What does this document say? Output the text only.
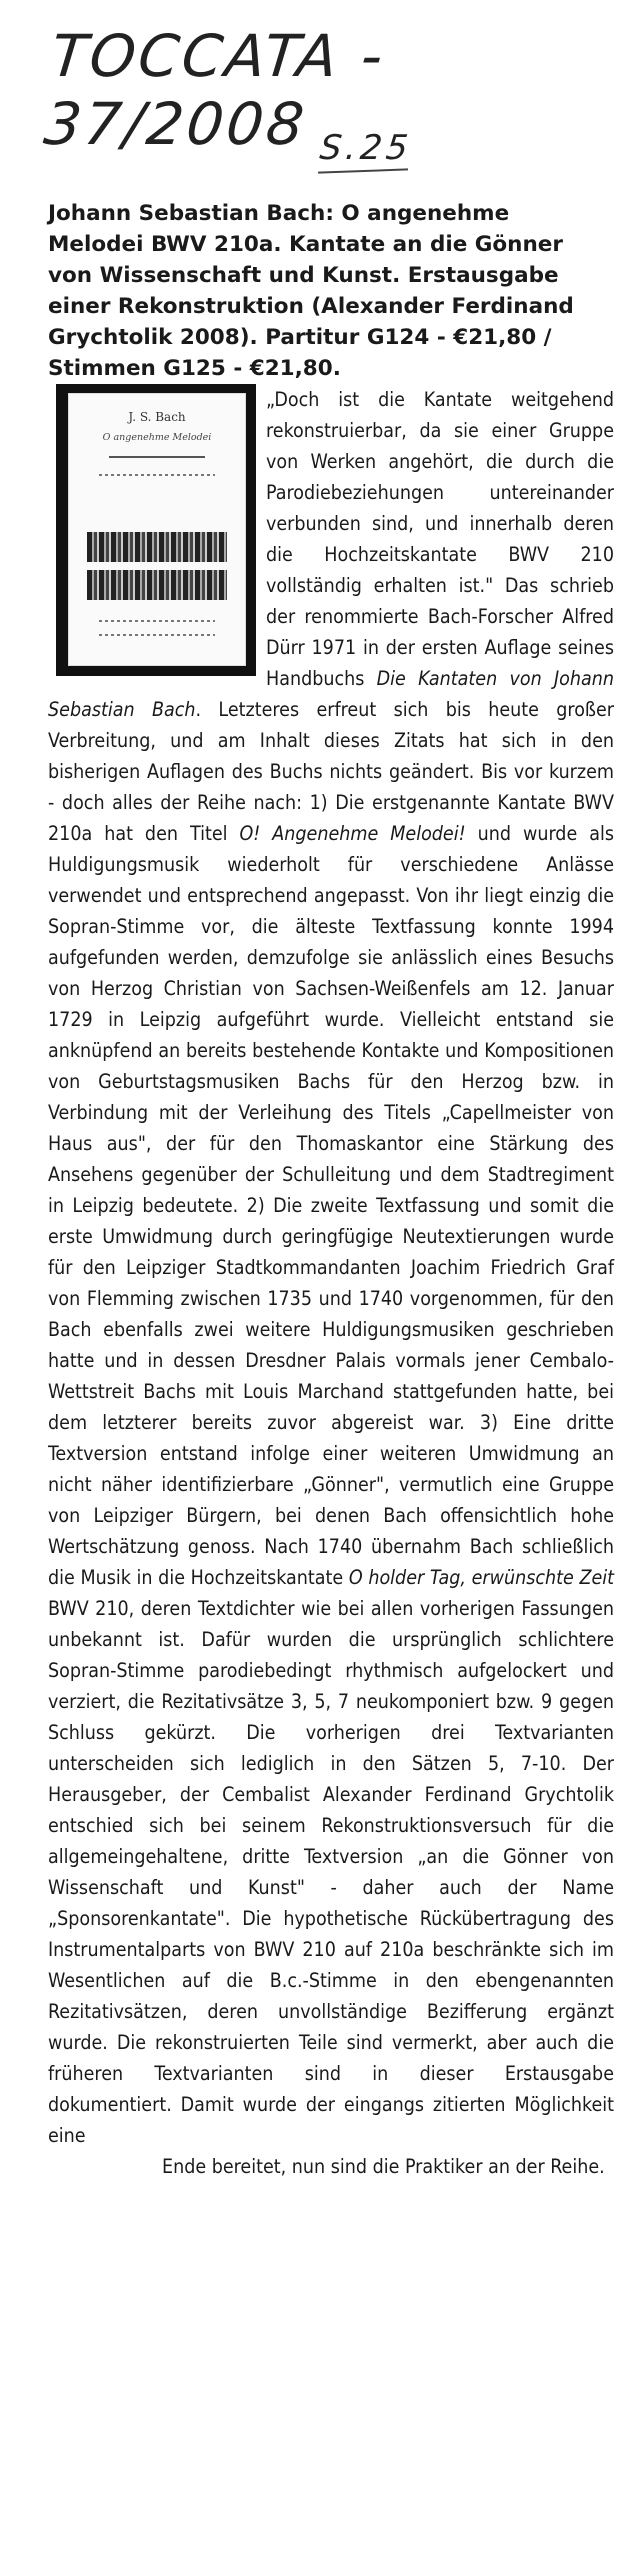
TOCCATA - 37/2008 S.25

Johann Sebastian Bach: O angenehme Melodei BWV 210a. Kantate an die Gönner von Wissenschaft und Kunst. Erstausgabe einer Rekonstruktion (Alexander Ferdinand Grychtolik 2008). Partitur G124 - €21,80 / Stimmen G125 - €21,80.

J. S. Bach
O angenehme Melodei

„Doch ist die Kantate weitgehend rekonstruierbar, da sie einer Gruppe von Werken angehört, die durch die Parodiebeziehungen untereinander verbunden sind, und innerhalb deren die Hochzeitskantate BWV 210 vollständig erhalten ist." Das schrieb der renommierte Bach-Forscher Alfred Dürr 1971 in der ersten Auflage seines Handbuchs Die Kantaten von Johann Sebastian Bach. Letzteres erfreut sich bis heute großer Verbreitung, und am Inhalt dieses Zitats hat sich in den bisherigen Auflagen des Buchs nichts geändert. Bis vor kurzem - doch alles der Reihe nach: 1) Die erstgenannte Kantate BWV 210a hat den Titel O! Angenehme Melodei! und wurde als Huldigungsmusik wiederholt für verschiedene Anlässe verwendet und entsprechend angepasst. Von ihr liegt einzig die Sopran-Stimme vor, die älteste Textfassung konnte 1994 aufgefunden werden, demzufolge sie anlässlich eines Besuchs von Herzog Christian von Sachsen-Weißenfels am 12. Januar 1729 in Leipzig aufgeführt wurde. Vielleicht entstand sie anknüpfend an bereits bestehende Kontakte und Kompositionen von Geburtstagsmusiken Bachs für den Herzog bzw. in Verbindung mit der Verleihung des Titels „Capellmeister von Haus aus", der für den Thomaskantor eine Stärkung des Ansehens gegenüber der Schulleitung und dem Stadtregiment in Leipzig bedeutete. 2) Die zweite Textfassung und somit die erste Umwidmung durch geringfügige Neutextierungen wurde für den Leipziger Stadtkommandanten Joachim Friedrich Graf von Flemming zwischen 1735 und 1740 vorgenommen, für den Bach ebenfalls zwei weitere Huldigungsmusiken geschrieben hatte und in dessen Dresdner Palais vormals jener Cembalo-Wettstreit Bachs mit Louis Marchand stattgefunden hatte, bei dem letzterer bereits zuvor abgereist war. 3) Eine dritte Textversion entstand infolge einer weiteren Umwidmung an nicht näher identifizierbare „Gönner", vermutlich eine Gruppe von Leipziger Bürgern, bei denen Bach offensichtlich hohe Wertschätzung genoss. Nach 1740 übernahm Bach schließlich die Musik in die Hochzeitskantate O holder Tag, erwünschte Zeit BWV 210, deren Textdichter wie bei allen vorherigen Fassungen unbekannt ist. Dafür wurden die ursprünglich schlichtere Sopran-Stimme parodiebedingt rhythmisch aufgelockert und verziert, die Rezitativsätze 3, 5, 7 neukomponiert bzw. 9 gegen Schluss gekürzt. Die vorherigen drei Textvarianten unterscheiden sich lediglich in den Sätzen 5, 7-10. Der Herausgeber, der Cembalist Alexander Ferdinand Grychtolik entschied sich bei seinem Rekonstruktionsversuch für die allgemeingehaltene, dritte Textversion „an die Gönner von Wissenschaft und Kunst" - daher auch der Name „Sponsorenkantate". Die hypothetische Rückübertragung des Instrumentalparts von BWV 210 auf 210a beschränkte sich im Wesentlichen auf die B.c.-Stimme in den ebengenannten Rezitativsätzen, deren unvollständige Bezifferung ergänzt wurde. Die rekonstruierten Teile sind vermerkt, aber auch die früheren Textvarianten sind in dieser Erstausgabe dokumentiert. Damit wurde der eingangs zitierten Möglichkeit eine

Ende bereitet, nun sind die Praktiker an der Reihe.
